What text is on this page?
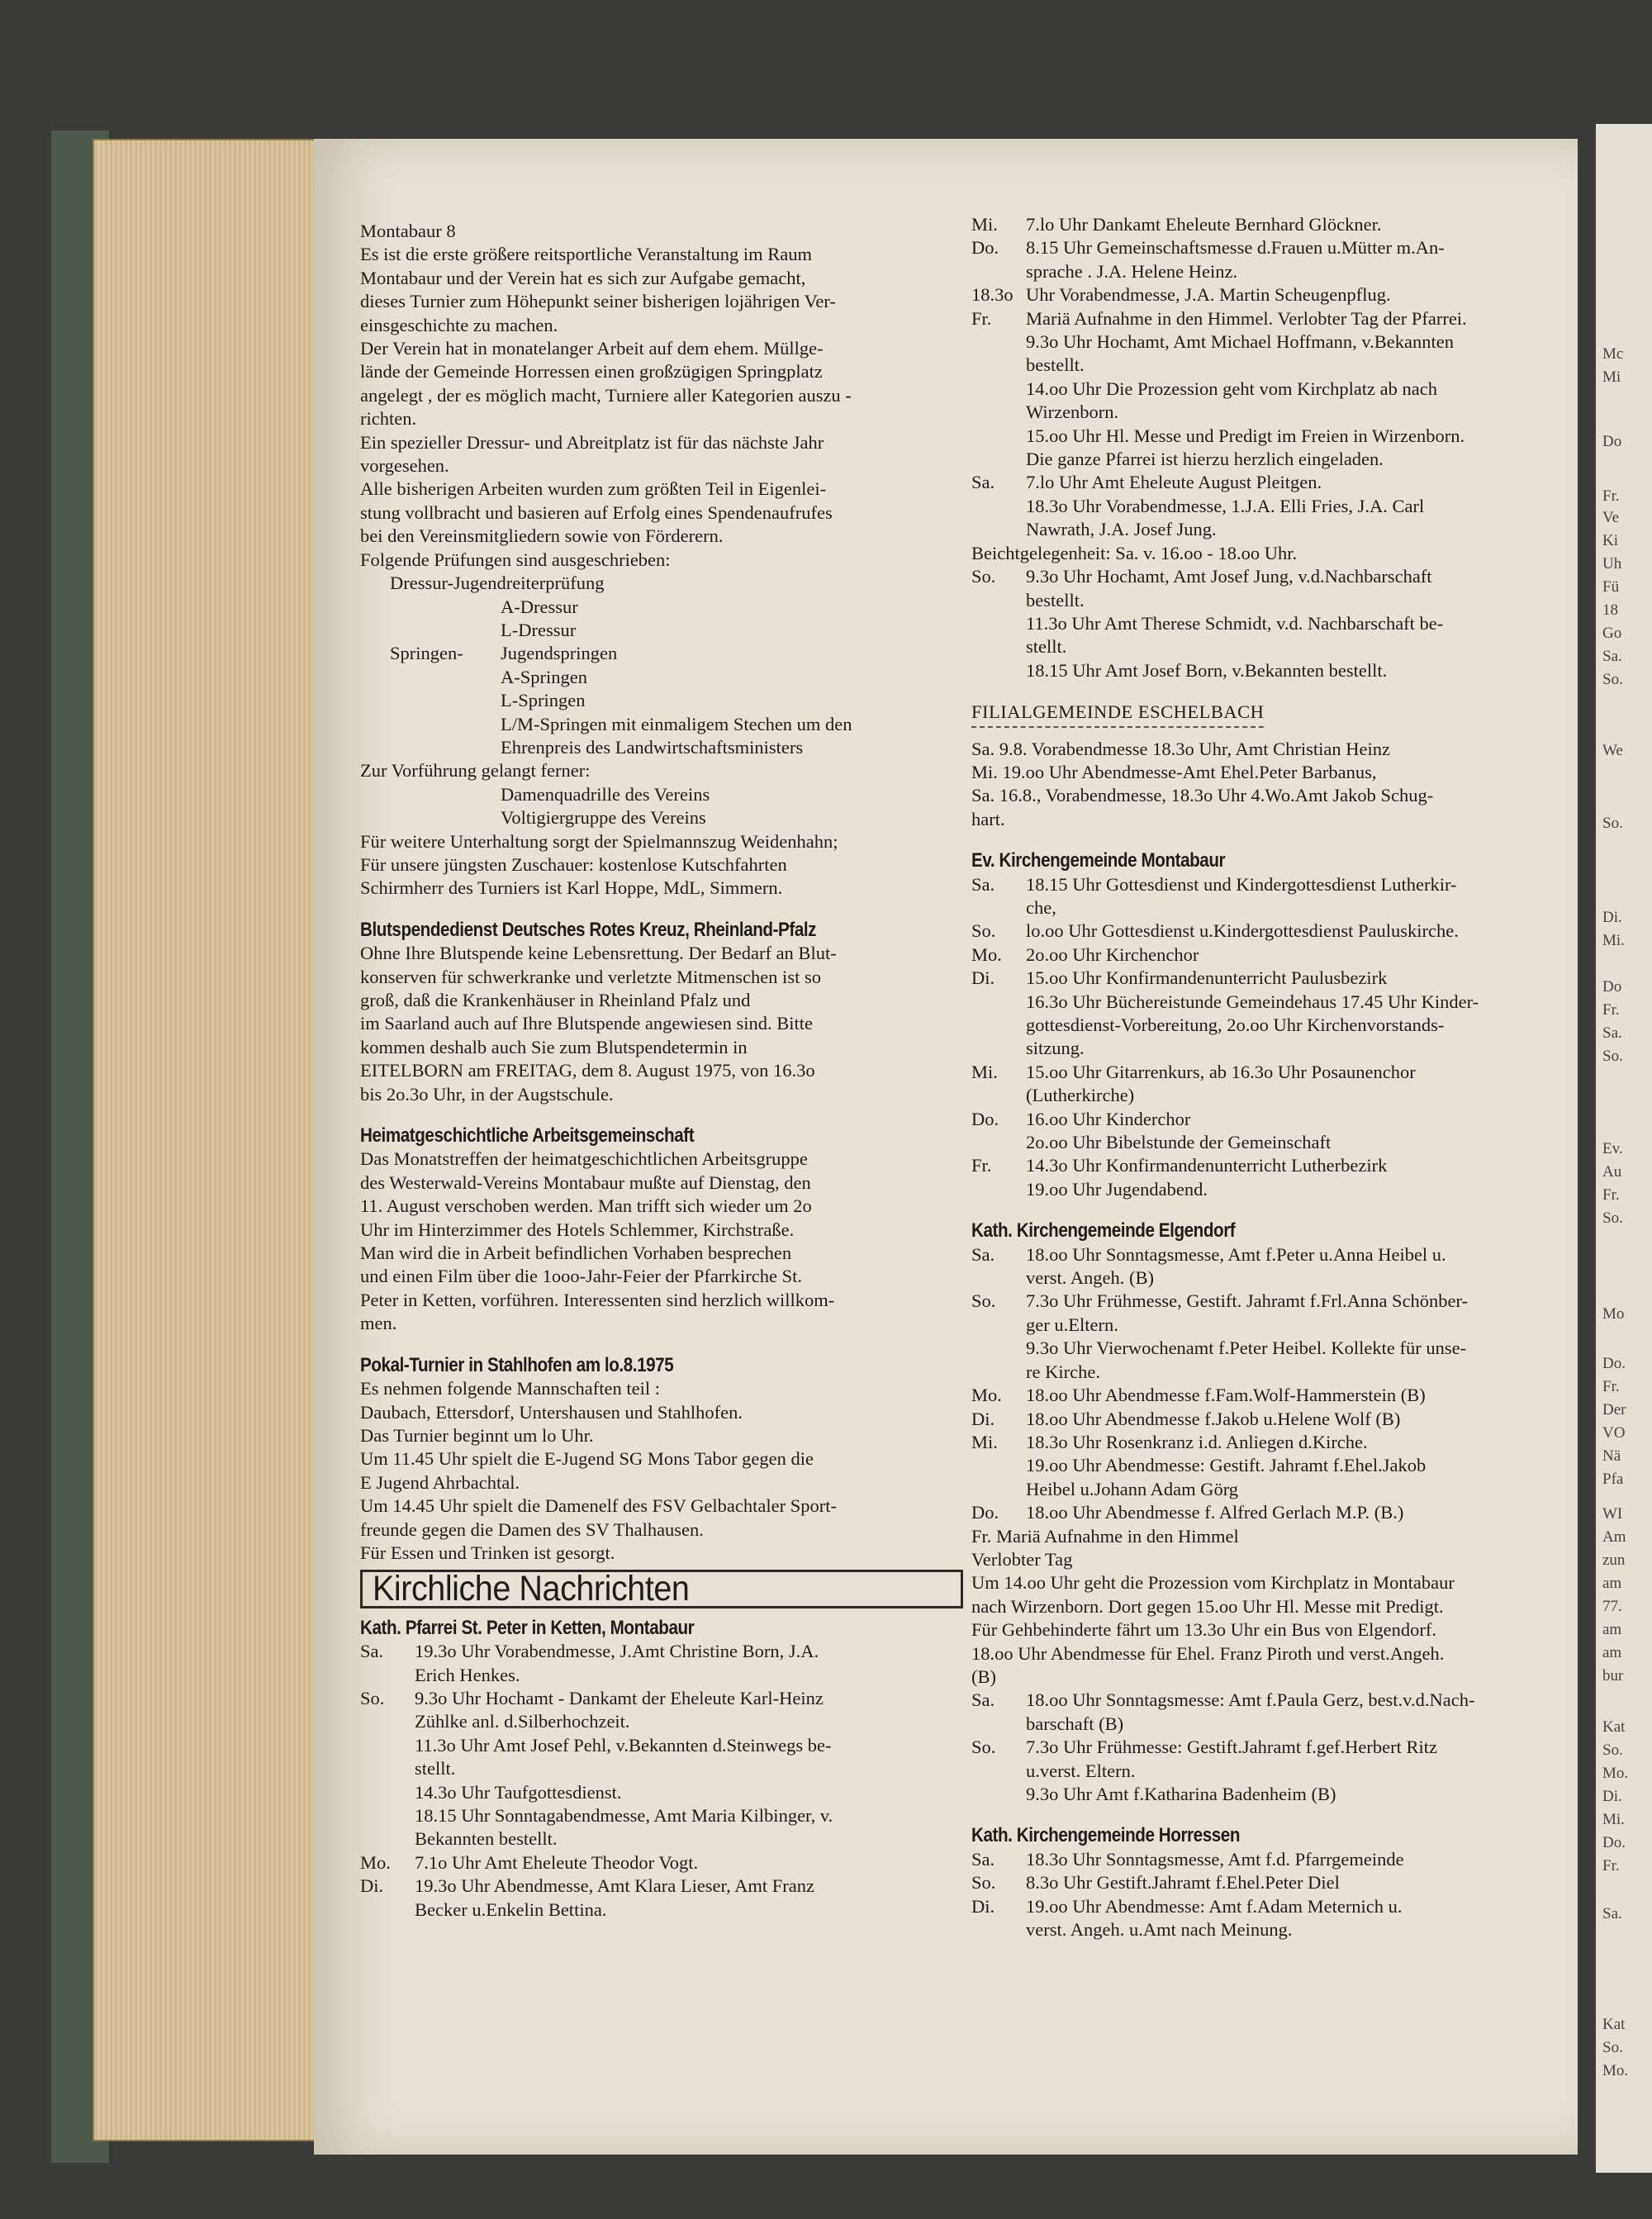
Mc
Mi
Do
Fr.
Ve
Ki
Uh
Fü
18
Go
Sa.
So.
We
So.
Di.
Mi.
Do
Fr.
Sa.
So.
Ev.
Au
Fr.
So.
Mo
Do.
Fr.
Der
VO
Nä
Pfa
WI
Am
zun
am
77.
am
am
bur
Kat
So.
Mo.
Di.
Mi.
Do.
Fr.
Sa.
Kat
So.
Mo.

Montabaur 8

Es ist die erste größere reitsportliche Veranstaltung im Raum

Montabaur und der Verein hat es sich zur Aufgabe gemacht,

dieses Turnier zum Höhepunkt seiner bisherigen lojährigen Ver-

einsgeschichte zu machen.

Der Verein hat in monatelanger Arbeit auf dem ehem. Müllge-

lände der Gemeinde Horressen einen großzügigen Springplatz

angelegt , der es möglich macht, Turniere aller Kategorien auszu -

richten.

Ein spezieller Dressur- und Abreitplatz ist für das nächste Jahr

vorgesehen.

Alle bisherigen Arbeiten wurden zum größten Teil in Eigenlei-

stung vollbracht und basieren auf Erfolg eines Spendenaufrufes

bei den Vereinsmitgliedern sowie von Förderern.

Folgende Prüfungen sind ausgeschrieben:

Dressur-Jugendreiterprüfung

A-Dressur

L-Dressur

Springen-	Jugendspringen

A-Springen

L-Springen

L/M-Springen mit einmaligem Stechen um den

Ehrenpreis des Landwirtschaftsministers

Zur Vorführung gelangt ferner:

Damenquadrille des Vereins

Voltigiergruppe des Vereins

Für weitere Unterhaltung sorgt der Spielmannszug Weidenhahn;

Für unsere jüngsten Zuschauer: kostenlose Kutschfahrten

Schirmherr des Turniers ist Karl Hoppe, MdL, Simmern.

Blutspendedienst Deutsches Rotes Kreuz, Rheinland-Pfalz

Ohne Ihre Blutspende keine Lebensrettung. Der Bedarf an Blut-

konserven für schwerkranke und verletzte Mitmenschen ist so

groß, daß die Krankenhäuser in Rheinland Pfalz und

im Saarland auch auf Ihre Blutspende angewiesen sind. Bitte

kommen deshalb auch Sie zum Blutspendetermin in

EITELBORN am FREITAG, dem 8. August 1975, von 16.3o

bis 2o.3o Uhr, in der Augstschule.

Heimatgeschichtliche Arbeitsgemeinschaft

Das Monatstreffen der heimatgeschichtlichen Arbeitsgruppe

des Westerwald-Vereins Montabaur mußte auf Dienstag, den

11. August verschoben werden. Man trifft sich wieder um 2o

Uhr im Hinterzimmer des Hotels Schlemmer, Kirchstraße.

Man wird die in Arbeit befindlichen Vorhaben besprechen

und einen Film über die 1ooo-Jahr-Feier der Pfarrkirche St.

Peter in Ketten, vorführen. Interessenten sind herzlich willkom-

men.

Pokal-Turnier in Stahlhofen am lo.8.1975

Es nehmen folgende Mannschaften teil :

Daubach, Ettersdorf, Untershausen und Stahlhofen.

Das Turnier beginnt um lo Uhr.

Um 11.45 Uhr spielt die E-Jugend SG Mons Tabor gegen die

E Jugend Ahrbachtal.

Um 14.45 Uhr spielt die Damenelf des FSV Gelbachtaler Sport-

freunde gegen die Damen des SV Thalhausen.

Für Essen und Trinken ist gesorgt.

Kirchliche Nachrichten

Kath. Pfarrei St. Peter in Ketten, Montabaur

Sa.	19.3o Uhr Vorabendmesse, J.Amt Christine Born, J.A.
Erich Henkes.
So.	9.3o Uhr Hochamt - Dankamt der Eheleute Karl-Heinz
Zühlke anl. d.Silberhochzeit.
11.3o Uhr Amt Josef Pehl, v.Bekannten d.Steinwegs be-
stellt.
14.3o Uhr Taufgottesdienst.
18.15 Uhr Sonntagabendmesse, Amt Maria Kilbinger, v.
Bekannten bestellt.
Mo.	7.1o Uhr Amt Eheleute Theodor Vogt.
Di.	19.3o Uhr Abendmesse, Amt Klara Lieser, Amt Franz
Becker u.Enkelin Bettina.
Mi.	7.lo Uhr Dankamt Eheleute Bernhard Glöckner.
Do.	8.15 Uhr Gemeinschaftsmesse d.Frauen u.Mütter m.An-
sprache . J.A. Helene Heinz.
18.3o Uhr Vorabendmesse, J.A. Martin Scheugenpflug.
Fr.	Mariä Aufnahme in den Himmel. Verlobter Tag der Pfarrei.
9.3o Uhr Hochamt, Amt Michael Hoffmann, v.Bekannten
bestellt.
14.oo Uhr Die Prozession geht vom Kirchplatz ab nach
Wirzenborn.
15.oo Uhr Hl. Messe und Predigt im Freien in Wirzenborn.
Die ganze Pfarrei ist hierzu herzlich eingeladen.
Sa.	7.lo Uhr Amt Eheleute August Pleitgen.
18.3o Uhr Vorabendmesse, 1.J.A. Elli Fries, J.A. Carl
Nawrath, J.A. Josef Jung.

Beichtgelegenheit: Sa. v. 16.oo - 18.oo Uhr.

So.	9.3o Uhr Hochamt, Amt Josef Jung, v.d.Nachbarschaft
bestellt.
11.3o Uhr Amt Therese Schmidt, v.d. Nachbarschaft be-
stellt.
18.15 Uhr Amt Josef Born, v.Bekannten bestellt.

FILIALGEMEINDE ESCHELBACH

Sa. 9.8. Vorabendmesse 18.3o Uhr, Amt Christian Heinz

Mi. 19.oo Uhr Abendmesse-Amt Ehel.Peter Barbanus,

Sa. 16.8., Vorabendmesse, 18.3o Uhr 4.Wo.Amt Jakob Schug-

hart.

Ev. Kirchengemeinde Montabaur

Sa.	18.15 Uhr Gottesdienst und Kindergottesdienst Lutherkir-
che,
So.	lo.oo Uhr Gottesdienst u.Kindergottesdienst Pauluskirche.
Mo.	2o.oo Uhr Kirchenchor
Di.	15.oo Uhr Konfirmandenunterricht Paulusbezirk
16.3o Uhr Büchereistunde Gemeindehaus 17.45 Uhr Kinder-
gottesdienst-Vorbereitung, 2o.oo Uhr Kirchenvorstands-
sitzung.
Mi.	15.oo Uhr Gitarrenkurs, ab 16.3o Uhr Posaunenchor
(Lutherkirche)
Do.	16.oo Uhr Kinderchor
2o.oo Uhr Bibelstunde der Gemeinschaft
Fr.	14.3o Uhr Konfirmandenunterricht Lutherbezirk
19.oo Uhr Jugendabend.

Kath. Kirchengemeinde Elgendorf

Sa.	18.oo Uhr Sonntagsmesse, Amt f.Peter u.Anna Heibel u.
verst. Angeh. (B)
So.	7.3o Uhr Frühmesse, Gestift. Jahramt f.Frl.Anna Schönber-
ger u.Eltern.
9.3o Uhr Vierwochenamt f.Peter Heibel. Kollekte für unse-
re Kirche.
Mo.	18.oo Uhr Abendmesse f.Fam.Wolf-Hammerstein (B)
Di.	18.oo Uhr Abendmesse f.Jakob u.Helene Wolf (B)
Mi.	18.3o Uhr Rosenkranz i.d. Anliegen d.Kirche.
19.oo Uhr Abendmesse: Gestift. Jahramt f.Ehel.Jakob
Heibel u.Johann Adam Görg
Do.	18.oo Uhr Abendmesse f. Alfred Gerlach M.P. (B.)

Fr. Mariä Aufnahme in den Himmel

Verlobter Tag

Um 14.oo Uhr geht die Prozession vom Kirchplatz in Montabaur

nach Wirzenborn. Dort gegen 15.oo Uhr Hl. Messe mit Predigt.

Für Gehbehinderte fährt um 13.3o Uhr ein Bus von Elgendorf.

18.oo Uhr Abendmesse für Ehel. Franz Piroth und verst.Angeh.

(B)

Sa.	18.oo Uhr Sonntagsmesse: Amt f.Paula Gerz, best.v.d.Nach-
barschaft (B)
So.	7.3o Uhr Frühmesse: Gestift.Jahramt f.gef.Herbert Ritz
u.verst. Eltern.
9.3o Uhr Amt f.Katharina Badenheim (B)

Kath. Kirchengemeinde Horressen

Sa.	18.3o Uhr Sonntagsmesse, Amt f.d. Pfarrgemeinde
So.	8.3o Uhr Gestift.Jahramt f.Ehel.Peter Diel
Di.	19.oo Uhr Abendmesse: Amt f.Adam Meternich u.
verst. Angeh. u.Amt nach Meinung.
